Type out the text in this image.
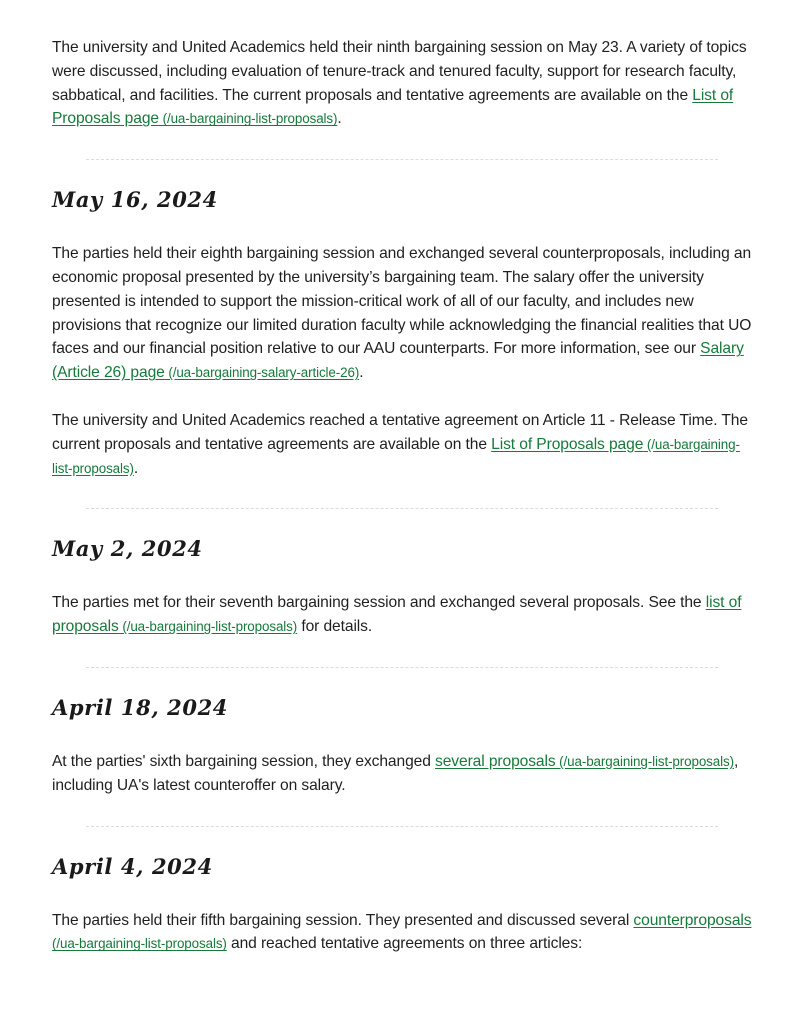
The university and United Academics held their ninth bargaining session on May 23. A variety of topics were discussed, including evaluation of tenure-track and tenured faculty, support for research faculty, sabbatical, and facilities. The current proposals and tentative agreements are available on the List of Proposals page (/ua-bargaining-list-proposals).

May 16, 2024

The parties held their eighth bargaining session and exchanged several counterproposals, including an economic proposal presented by the university’s bargaining team. The salary offer the university presented is intended to support the mission-critical work of all of our faculty, and includes new provisions that recognize our limited duration faculty while acknowledging the financial realities that UO faces and our financial position relative to our AAU counterparts. For more information, see our Salary (Article 26) page (/ua-bargaining-salary-article-26).

The university and United Academics reached a tentative agreement on Article 11 - Release Time. The current proposals and tentative agreements are available on the List of Proposals page (/ua-bargaining-list-proposals).

May 2, 2024

The parties met for their seventh bargaining session and exchanged several proposals. See the list of proposals (/ua-bargaining-list-proposals) for details.

April 18, 2024

At the parties' sixth bargaining session, they exchanged several proposals (/ua-bargaining-list-proposals), including UA's latest counteroffer on salary.

April 4, 2024

The parties held their fifth bargaining session. They presented and discussed several counterproposals (/ua-bargaining-list-proposals) and reached tentative agreements on three articles:
